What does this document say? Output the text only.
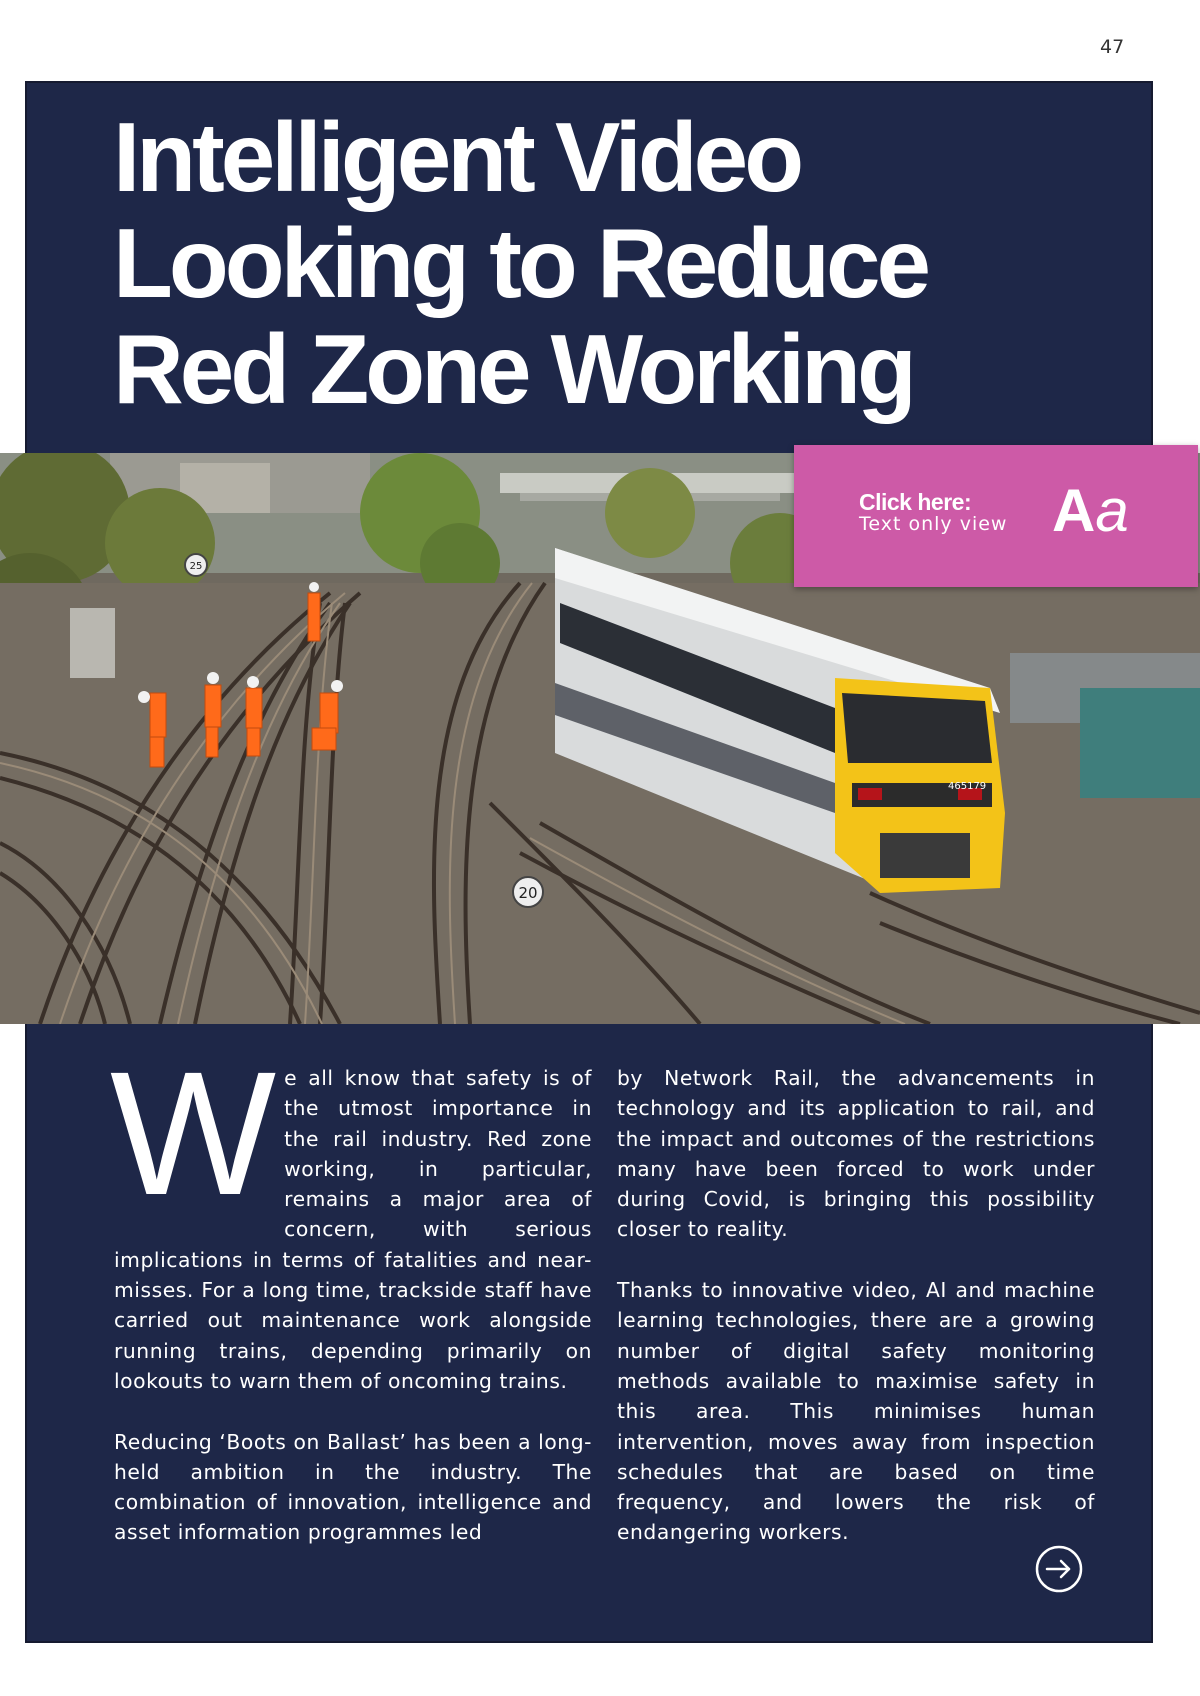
47
Intelligent Video Looking to Reduce Red Zone Working
465179
25
20
Click here:
Text only view Aa

We all know that safety is of the utmost importance in the rail industry. Red zone working, in particular, remains a major area of concern, with serious implications in terms of fatalities and near-misses. For a long time, trackside staff have carried out maintenance work alongside running trains, depending primarily on lookouts to warn them of oncoming trains.

Reducing ‘Boots on Ballast’ has been a long-held ambition in the industry. The combination of innovation, intelligence and asset information programmes led

by Network Rail, the advancements in technology and its application to rail, and the impact and outcomes of the restrictions many have been forced to work under during Covid, is bringing this possibility closer to reality.

Thanks to innovative video, AI and machine learning technologies, there are a growing number of digital safety monitoring methods available to maximise safety in this area. This minimises human intervention, moves away from inspection schedules that are based on time frequency, and lowers the risk of endangering workers.
